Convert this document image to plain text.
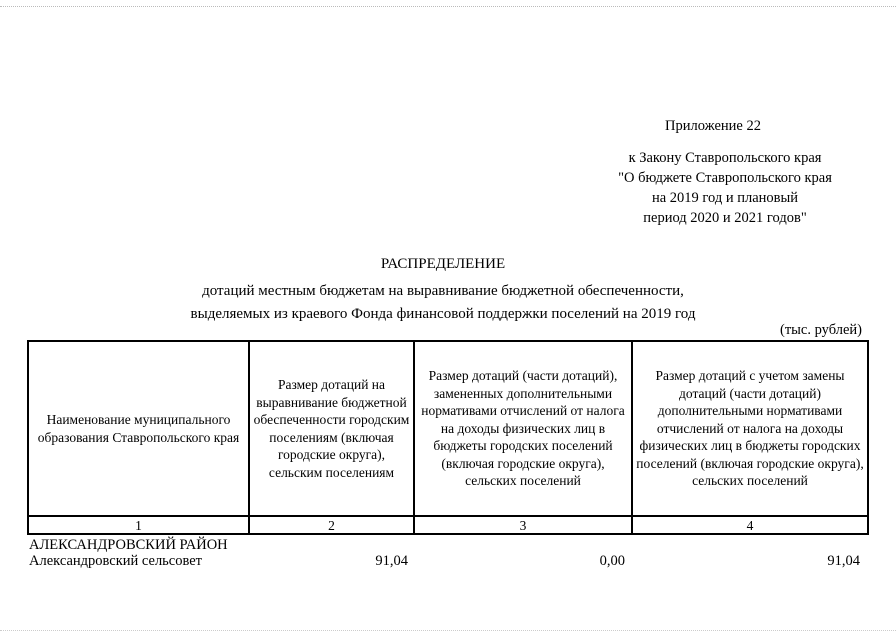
Приложение 22
к Закону Ставропольского края
"О бюджете Ставропольского края
на 2019 год и плановый
период 2020 и 2021 годов"
РАСПРЕДЕЛЕНИЕ
дотаций местным бюджетам на выравнивание бюджетной обеспеченности,
выделяемых из краевого Фонда финансовой поддержки поселений на 2019 год
(тыс. рублей)
Наименование муниципального образования Ставропольского края	Размер дотаций на выравнивание бюджетной обеспеченности городским поселениям (включая городские округа), сельским поселениям	Размер дотаций (части дотаций), замененных дополнительными нормативами отчислений от налога на доходы физических лиц в бюджеты городских поселений (включая городские округа), сельских поселений	Размер дотаций с учетом замены дотаций (части дотаций) дополнительными нормативами отчислений от налога на доходы физических лиц в бюджеты городских поселений (включая городские округа), сельских поселений
1	2	3	4
АЛЕКСАНДРОВСКИЙ РАЙОН
Александровский сельсовет	91,04	0,00	91,04
